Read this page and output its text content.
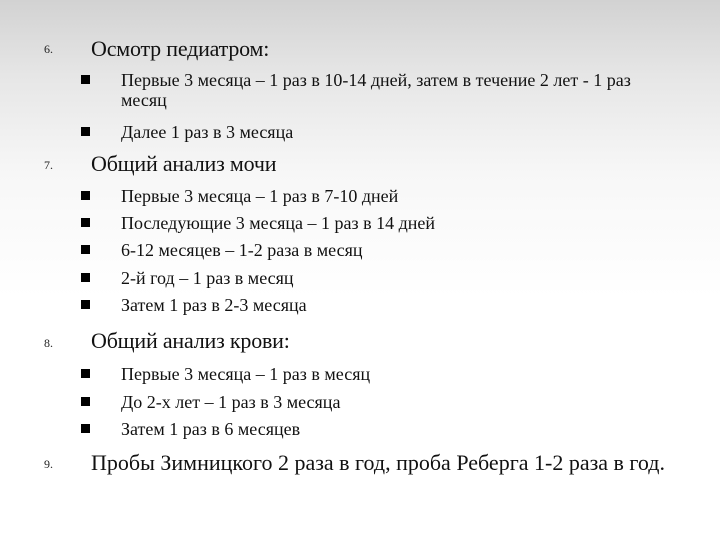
6. Осмотр педиатром:
Первые 3 месяца – 1 раз в 10-14 дней, затем в течение 2 лет - 1 раз месяц
Далее 1 раз в 3 месяца
7. Общий анализ мочи
Первые 3 месяца – 1 раз в 7-10 дней
Последующие 3 месяца – 1 раз в 14 дней
6-12 месяцев – 1-2 раза в месяц
2-й год – 1 раз в месяц
Затем 1 раз в 2-3 месяца
8. Общий анализ крови:
Первые 3 месяца – 1 раз в месяц
До 2-х лет – 1 раз в 3 месяца
Затем 1 раз в 6 месяцев
9. Пробы Зимницкого 2 раза в год, проба Реберга 1-2 раза в год.
